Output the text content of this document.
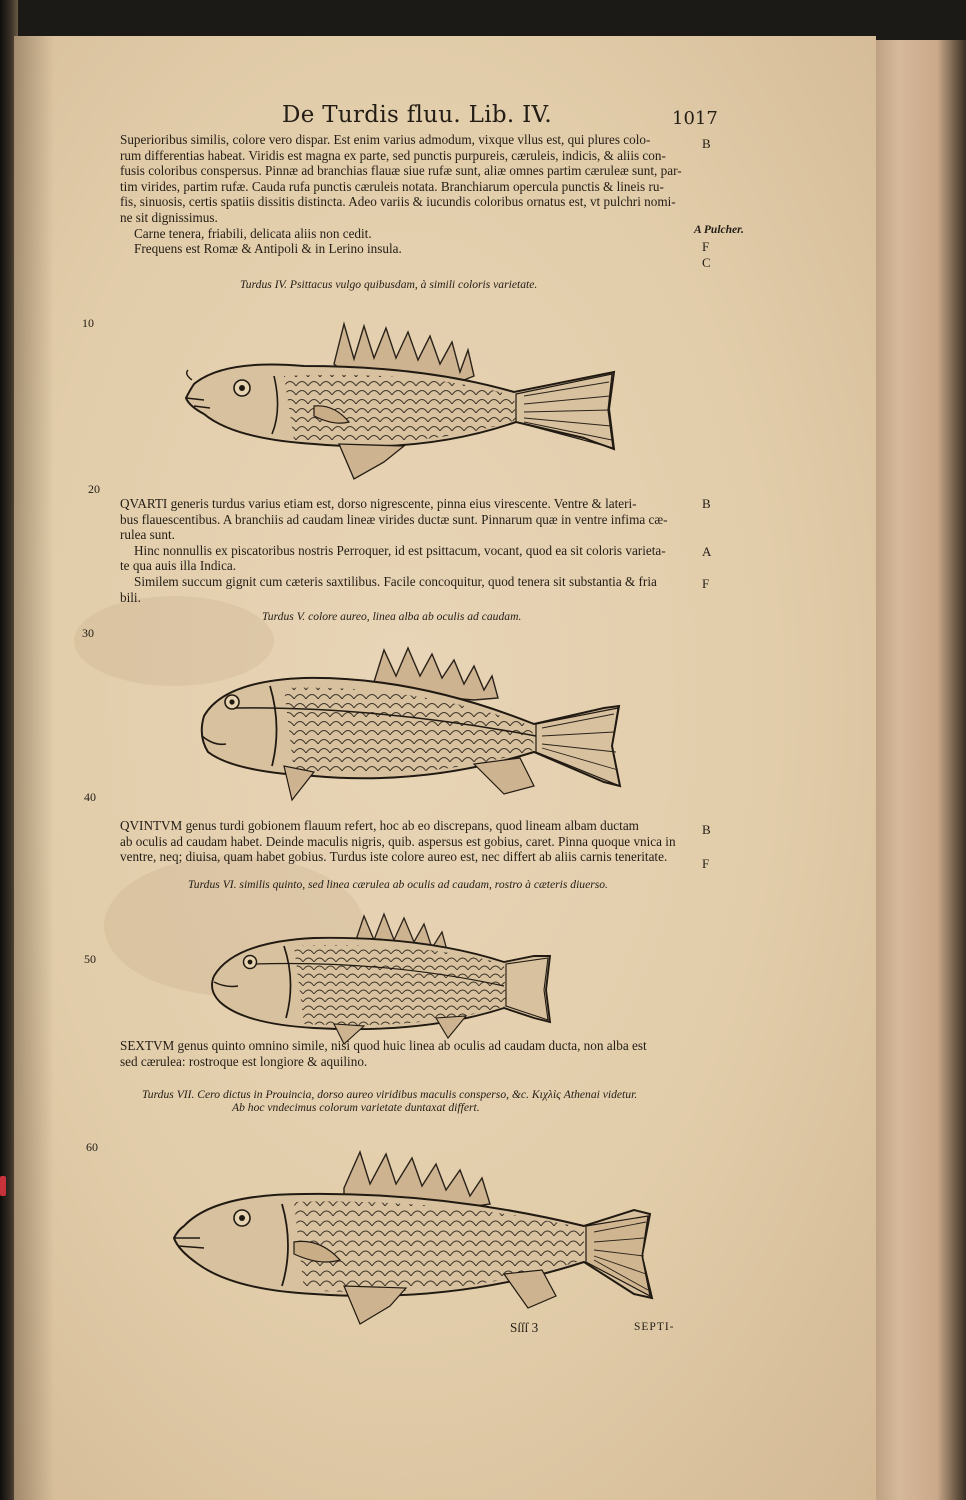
De Turdis fluu. Lib. IV.	1017
Superioribus similis, colore vero dispar. Est enim varius admodum, vixque vllus est, qui plures colo-
rum differentias habeat. Viridis est magna ex parte, sed punctis purpureis, cæruleis, indicis, & aliis con-
fusis coloribus conspersus. Pinnæ ad branchias flauæ siue rufæ sunt, aliæ omnes partim cæruleæ sunt, par-
tim virides, partim rufæ. Cauda rufa punctis cæruleis notata. Branchiarum opercula punctis & lineis ru-
fis, sinuosis, certis spatiis dissitis distincta. Adeo variis & iucundis coloribus ornatus est, vt pulchri nomi-
ne sit dignissimus.
Carne tenera, friabili, delicata aliis non cedit.
Frequens est Romæ & Antipoli & in Lerino insula.
Turdus IV. Psittacus vulgo quibusdam, à simili coloris varietate.
10
20
QVARTI generis turdus varius etiam est, dorso nigrescente, pinna eius virescente. Ventre & lateri-
bus flauescentibus. A branchiis ad caudam lineæ virides ductæ sunt. Pinnarum quæ in ventre infima cæ-
rulea sunt.
Hinc nonnullis ex piscatoribus nostris Perroquer, id est psittacum, vocant, quod ea sit coloris varieta-
te qua auis illa Indica.
Similem succum gignit cum cæteris saxtilibus. Facile concoquitur, quod tenera sit substantia & fria
bili.
Turdus V. colore aureo, linea alba ab oculis ad caudam.
30
40
QVINTVM genus turdi gobionem flauum refert, hoc ab eo discrepans, quod lineam albam ductam
ab oculis ad caudam habet. Deinde maculis nigris, quib. aspersus est gobius, caret. Pinna quoque vnica in
ventre, neq; diuisa, quam habet gobius. Turdus iste colore aureo est, nec differt ab aliis carnis teneritate.
Turdus VI. similis quinto, sed linea cærulea ab oculis ad caudam, rostro à cæteris diuerso.
50
SEXTVM genus quinto omnino simile, nisi quod huic linea ab oculis ad caudam ducta, non alba est
sed cærulea: rostroque est longiore & aquilino.
Turdus VII. Cero dictus in Prouincia, dorso aureo viridibus maculis consperso, &c. Κιχλὶς Athenai videtur.
Ab hoc vndecimus colorum varietate duntaxat differt.
60
B
A Pulcher.
F
C
B
A
F
B
F
Sſſſ 3	SEPTI-
